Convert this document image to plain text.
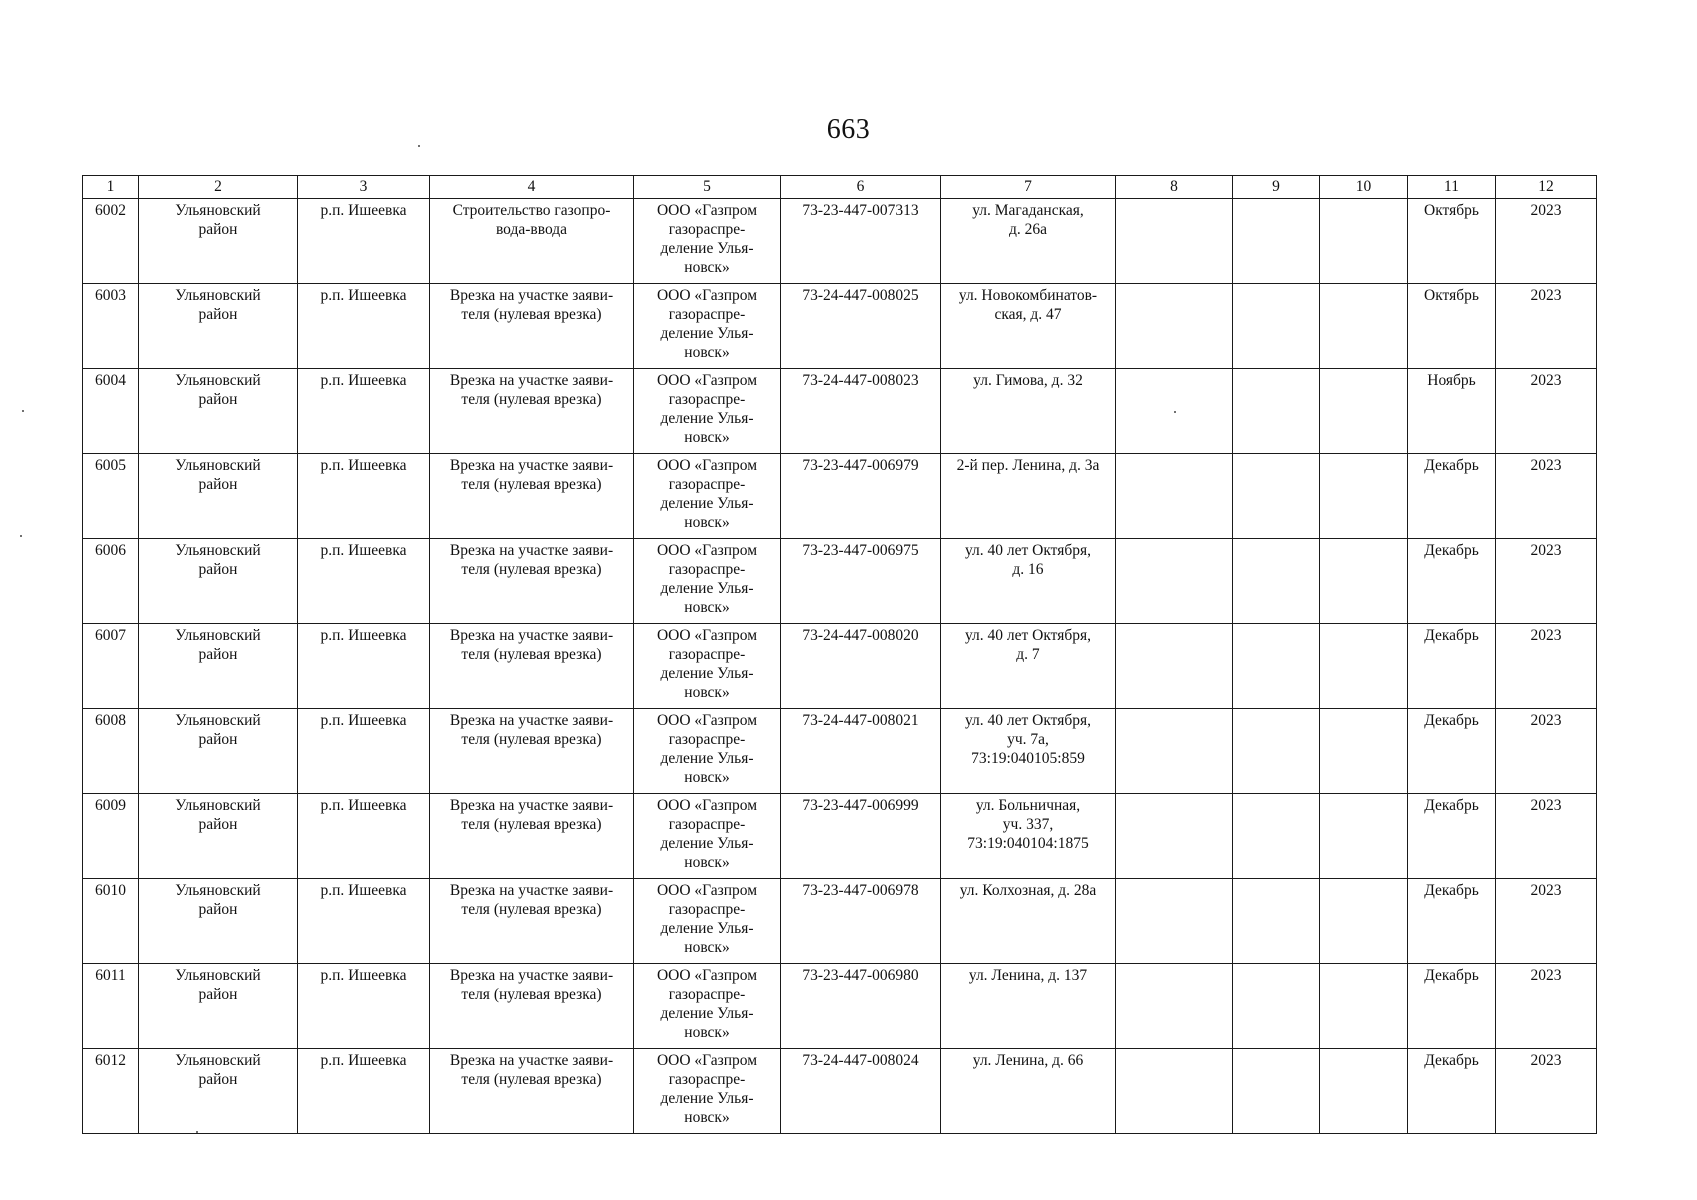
663
1	2	3	4	5	6	7	8	9	10	11	12

6002	Ульяновский
район	р.п. Ишеевка	Строительство газопро-
вода-ввода	ООО «Газпром
газораспре-
деление Улья-
новск»	73-23-447-007313	ул. Магаданская,
д. 26а				Октябрь	2023

6003	Ульяновский
район	р.п. Ишеевка	Врезка на участке заяви-
теля (нулевая врезка)	ООО «Газпром
газораспре-
деление Улья-
новск»	73-24-447-008025	ул. Новокомбинатов-
ская, д. 47				Октябрь	2023

6004	Ульяновский
район	р.п. Ишеевка	Врезка на участке заяви-
теля (нулевая врезка)	ООО «Газпром
газораспре-
деление Улья-
новск»	73-24-447-008023	ул. Гимова, д. 32				Ноябрь	2023

6005	Ульяновский
район	р.п. Ишеевка	Врезка на участке заяви-
теля (нулевая врезка)	ООО «Газпром
газораспре-
деление Улья-
новск»	73-23-447-006979	2-й пер. Ленина, д. 3а				Декабрь	2023

6006	Ульяновский
район	р.п. Ишеевка	Врезка на участке заяви-
теля (нулевая врезка)	ООО «Газпром
газораспре-
деление Улья-
новск»	73-23-447-006975	ул. 40 лет Октября,
д. 16				Декабрь	2023

6007	Ульяновский
район	р.п. Ишеевка	Врезка на участке заяви-
теля (нулевая врезка)	ООО «Газпром
газораспре-
деление Улья-
новск»	73-24-447-008020	ул. 40 лет Октября,
д. 7				Декабрь	2023

6008	Ульяновский
район	р.п. Ишеевка	Врезка на участке заяви-
теля (нулевая врезка)	ООО «Газпром
газораспре-
деление Улья-
новск»	73-24-447-008021	ул. 40 лет Октября,
уч. 7а,
73:19:040105:859				Декабрь	2023

6009	Ульяновский
район	р.п. Ишеевка	Врезка на участке заяви-
теля (нулевая врезка)	ООО «Газпром
газораспре-
деление Улья-
новск»	73-23-447-006999	ул. Больничная,
уч. 337,
73:19:040104:1875				Декабрь	2023

6010	Ульяновский
район	р.п. Ишеевка	Врезка на участке заяви-
теля (нулевая врезка)	ООО «Газпром
газораспре-
деление Улья-
новск»	73-23-447-006978	ул. Колхозная, д. 28а				Декабрь	2023

6011	Ульяновский
район	р.п. Ишеевка	Врезка на участке заяви-
теля (нулевая врезка)	ООО «Газпром
газораспре-
деление Улья-
новск»	73-23-447-006980	ул. Ленина, д. 137				Декабрь	2023

6012	Ульяновский
район	р.п. Ишеевка	Врезка на участке заяви-
теля (нулевая врезка)	ООО «Газпром
газораспре-
деление Улья-
новск»	73-24-447-008024	ул. Ленина, д. 66				Декабрь	2023
